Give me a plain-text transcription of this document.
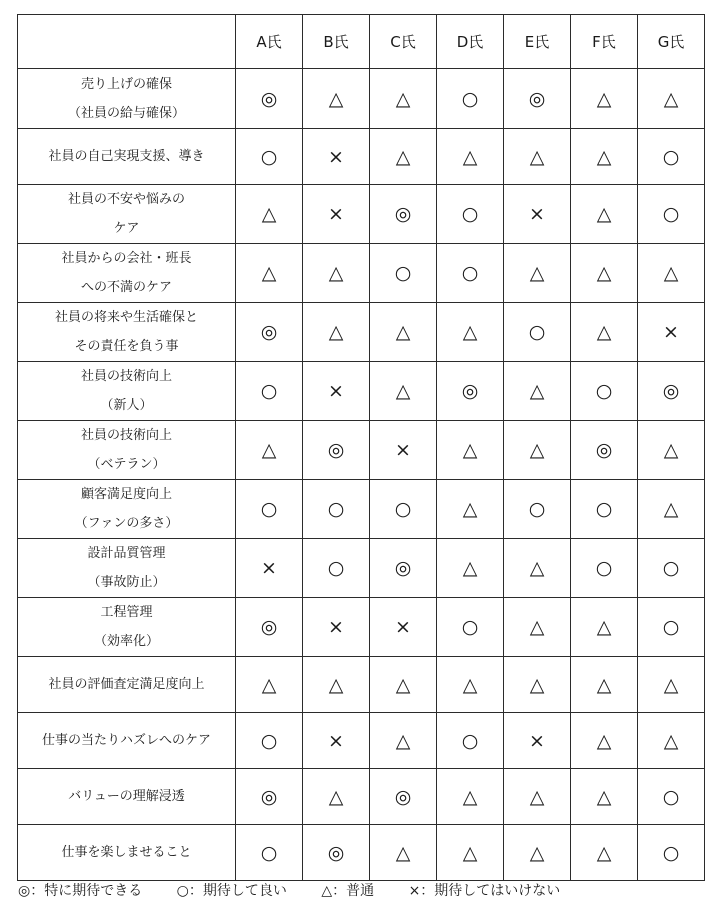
	A氏	B氏	C氏	D氏	E氏	F氏	G氏

売り上げの確保
（社員の給与確保）	◎	△	△	○	◎	△	△

社員の自己実現支援、導き	○	×	△	△	△	△	○

社員の不安や悩みの
ケア	△	×	◎	○	×	△	○

社員からの会社・班長
への不満のケア	△	△	○	○	△	△	△

社員の将来や生活確保と
その責任を負う事	◎	△	△	△	○	△	×

社員の技術向上
（新人）	○	×	△	◎	△	○	◎

社員の技術向上
（ベテラン）	△	◎	×	△	△	◎	△

顧客満足度向上
（ファンの多さ）	○	○	○	△	○	○	△

設計品質管理
（事故防止）	×	○	◎	△	△	○	○

工程管理
（効率化）	◎	×	×	○	△	△	○

社員の評価査定満足度向上	△	△	△	△	△	△	△

仕事の当たりハズレへのケア	○	×	△	○	×	△	△

バリューの理解浸透	◎	△	◎	△	△	△	○

仕事を楽しませること	○	◎	△	△	△	△	○
◎：特に期待できる ○：期待して良い △：普通 ×：期待してはいけない
